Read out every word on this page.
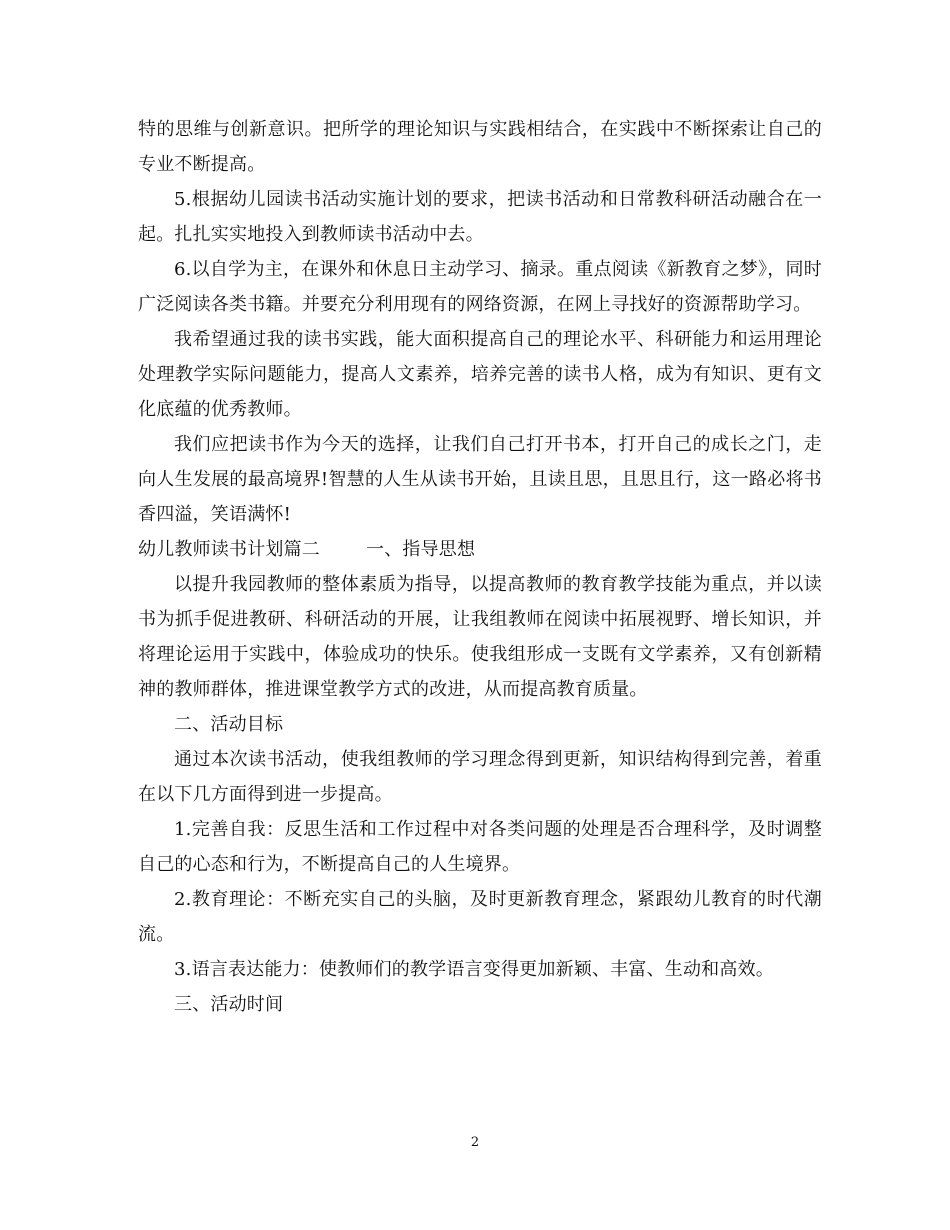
特的思维与创新意识。把所学的理论知识与实践相结合，在实践中不断探索让自己的专业不断提高。

5.根据幼儿园读书活动实施计划的要求，把读书活动和日常教科研活动融合在一起。扎扎实实地投入到教师读书活动中去。

6.以自学为主，在课外和休息日主动学习、摘录。重点阅读《新教育之梦》，同时广泛阅读各类书籍。并要充分利用现有的网络资源，在网上寻找好的资源帮助学习。

我希望通过我的读书实践，能大面积提高自己的理论水平、科研能力和运用理论处理教学实际问题能力，提高人文素养，培养完善的读书人格，成为有知识、更有文化底蕴的优秀教师。

我们应把读书作为今天的选择，让我们自己打开书本，打开自己的成长之门，走向人生发展的最高境界!智慧的人生从读书开始，且读且思，且思且行，这一路必将书香四溢，笑语满怀!

幼儿教师读书计划篇二	一、指导思想

以提升我园教师的整体素质为指导，以提高教师的教育教学技能为重点，并以读书为抓手促进教研、科研活动的开展，让我组教师在阅读中拓展视野、增长知识，并将理论运用于实践中，体验成功的快乐。使我组形成一支既有文学素养，又有创新精神的教师群体，推进课堂教学方式的改进，从而提高教育质量。

二、活动目标

通过本次读书活动，使我组教师的学习理念得到更新，知识结构得到完善，着重在以下几方面得到进一步提高。

1.完善自我：反思生活和工作过程中对各类问题的处理是否合理科学，及时调整自己的心态和行为，不断提高自己的人生境界。

2.教育理论：不断充实自己的头脑，及时更新教育理念，紧跟幼儿教育的时代潮流。

3.语言表达能力：使教师们的教学语言变得更加新颖、丰富、生动和高效。

三、活动时间

2
